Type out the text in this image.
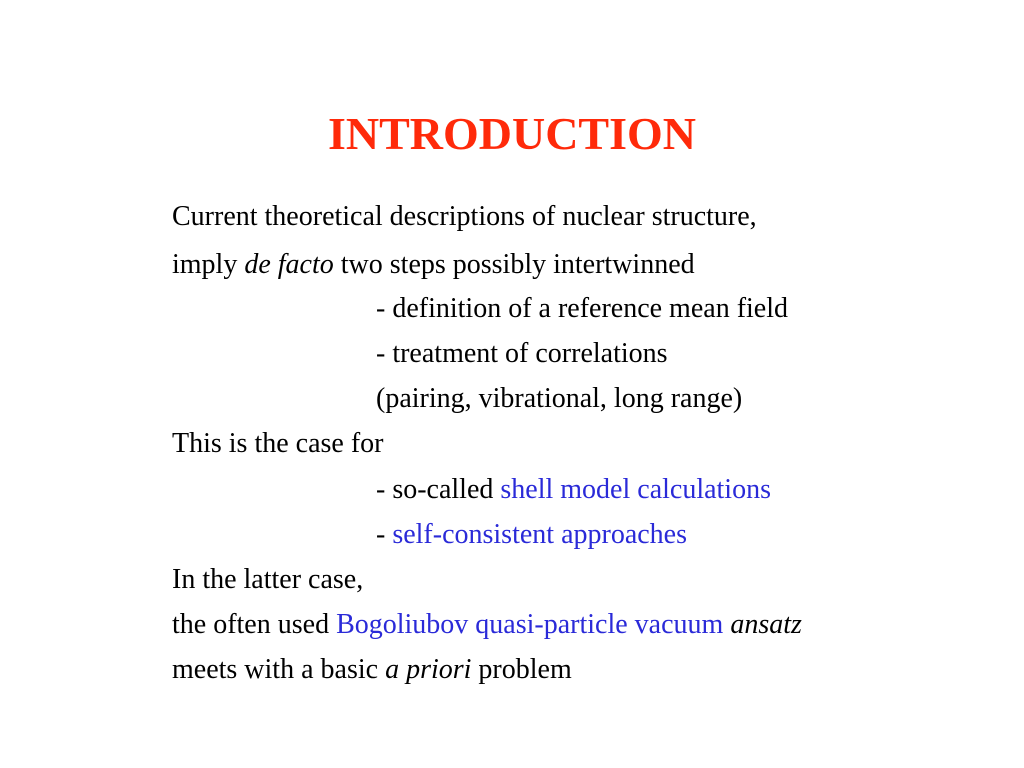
INTRODUCTION
Current theoretical descriptions of nuclear structure,
imply de facto two steps possibly intertwinned
- definition of a reference mean field
- treatment of correlations
(pairing, vibrational, long range)
This is the case for
- so-called shell model calculations
- self-consistent approaches
In the latter case,
the often used Bogoliubov quasi-particle vacuum ansatz
meets with a basic a priori problem
